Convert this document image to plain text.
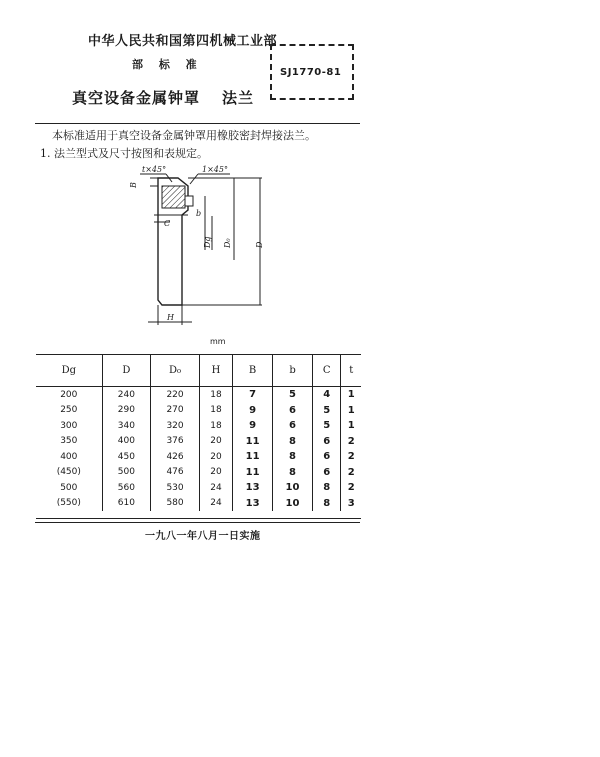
中华人民共和国第四机械工业部
部 标 准
SJ1770-81
真空设备金属钟罩 法兰
本标准适用于真空设备金属钟罩用橡胶密封焊接法兰。
1. 法兰型式及尺寸按图和表规定。
t×45°	1×45°
B
b
C
Dg D₀	D
H
mm
Dg	D	D₀	H	B	b	C	t
200	240	220	18	7	5	4	1
250	290	270	18	9	6	5	1
300	340	320	18	9	6	5	1
350	400	376	20	11	8	6	2
400	450	426	20	11	8	6	2
(450)	500	476	20	11	8	6	2
500	560	530	24	13	10	8	2
(550)	610	580	24	13	10	8	3
一九八一年八月一日实施
